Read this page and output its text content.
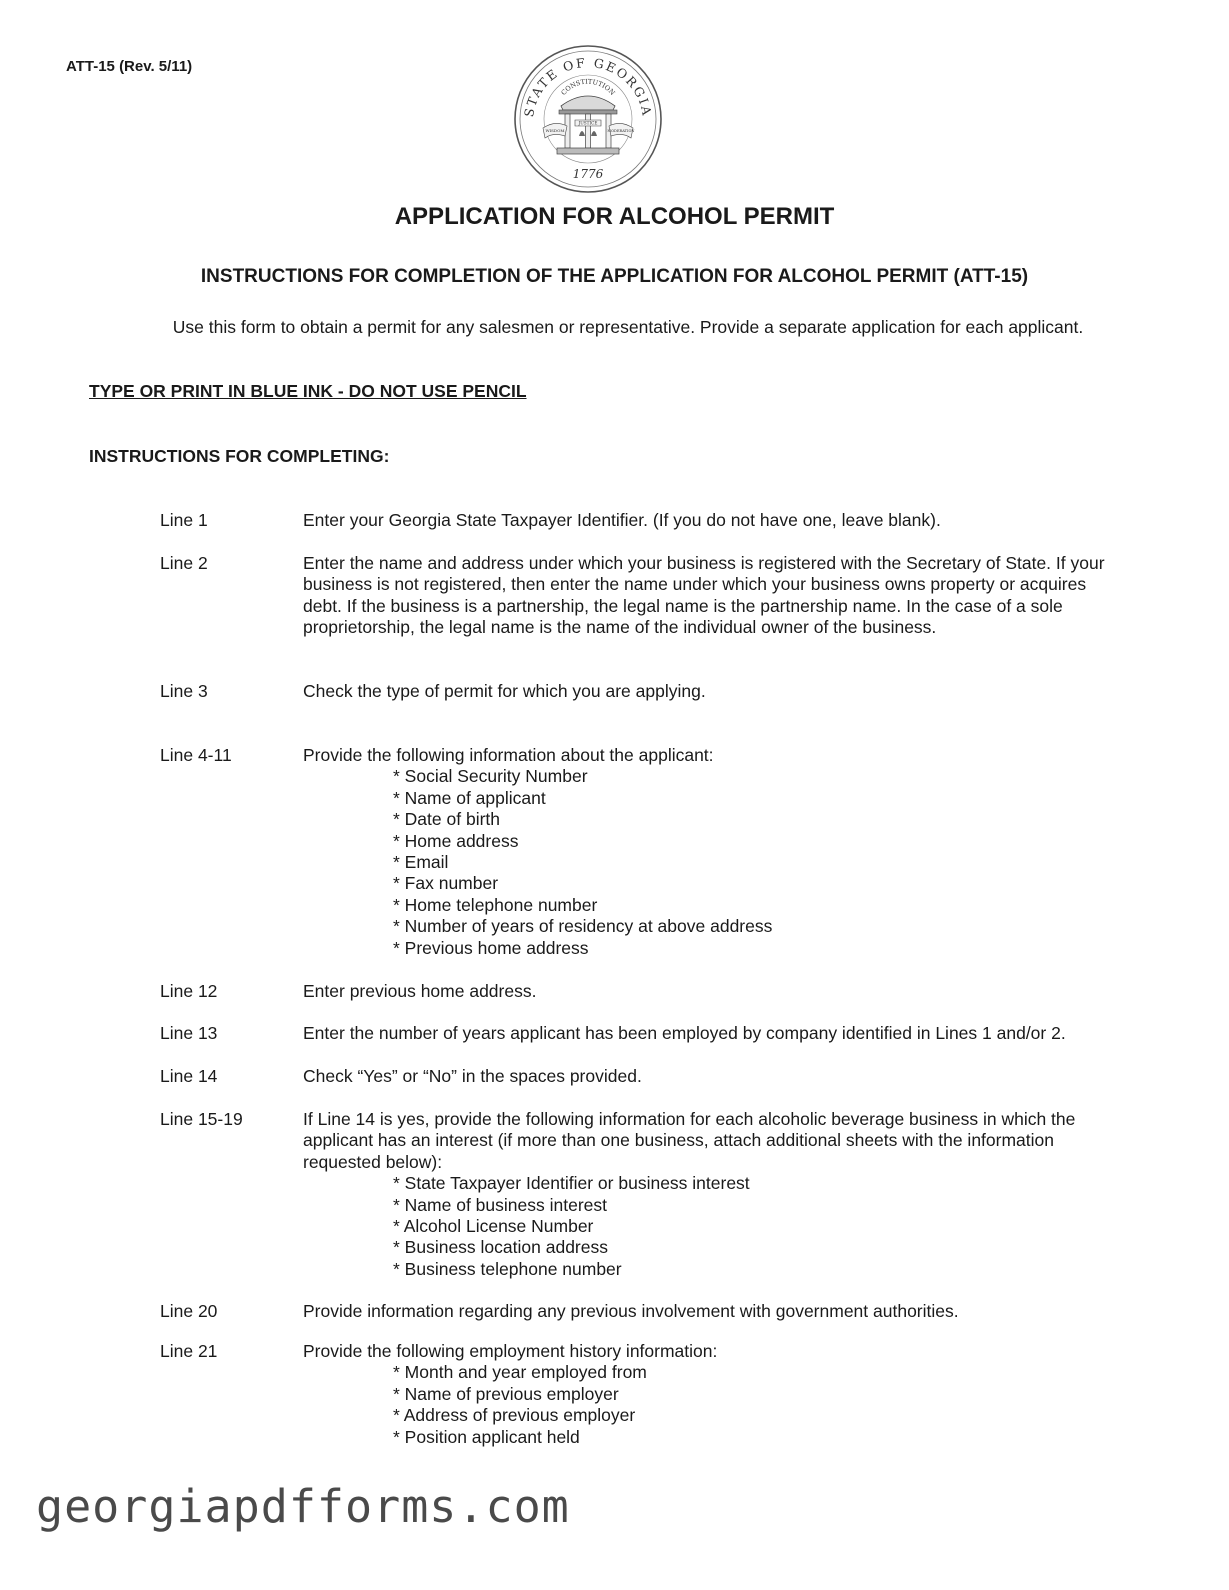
ATT-15 (Rev. 5/11)
STATE OF GEORGIA
CONSTITUTION
WISDOM
JUSTICE
MODERATION
1776
APPLICATION FOR ALCOHOL PERMIT
INSTRUCTIONS FOR COMPLETION OF THE APPLICATION FOR ALCOHOL PERMIT (ATT-15)
Use this form to obtain a permit for any salesmen or representative. Provide a separate application for each applicant.
TYPE OR PRINT IN BLUE INK - DO NOT USE PENCIL
INSTRUCTIONS FOR COMPLETING:
Line 1	Enter your Georgia State Taxpayer Identifier. (If you do not have one, leave blank).
Line 2	Enter the name and address under which your business is registered with the Secretary of State. If your business is not registered, then enter the name under which your business owns property or acquires debt. If the business is a partnership, the legal name is the partnership name. In the case of a sole proprietorship, the legal name is the name of the individual owner of the business.
Line 3	Check the type of permit for which you are applying.
Line 4-11	Provide the following information about the applicant:
* Social Security Number
* Name of applicant
* Date of birth
* Home address
* Email
* Fax number
* Home telephone number
* Number of years of residency at above address
* Previous home address
Line 12	Enter previous home address.
Line 13	Enter the number of years applicant has been employed by company identified in Lines 1 and/or 2.
Line 14	Check “Yes” or “No” in the spaces provided.
Line 15-19	If Line 14 is yes, provide the following information for each alcoholic beverage business in which the applicant has an interest (if more than one business, attach additional sheets with the information requested below):
* State Taxpayer Identifier or business interest
* Name of business interest
* Alcohol License Number
* Business location address
* Business telephone number
Line 20	Provide information regarding any previous involvement with government authorities.
Line 21	Provide the following employment history information:
* Month and year employed from
* Name of previous employer
* Address of previous employer
* Position applicant held
georgiapdfforms.com
